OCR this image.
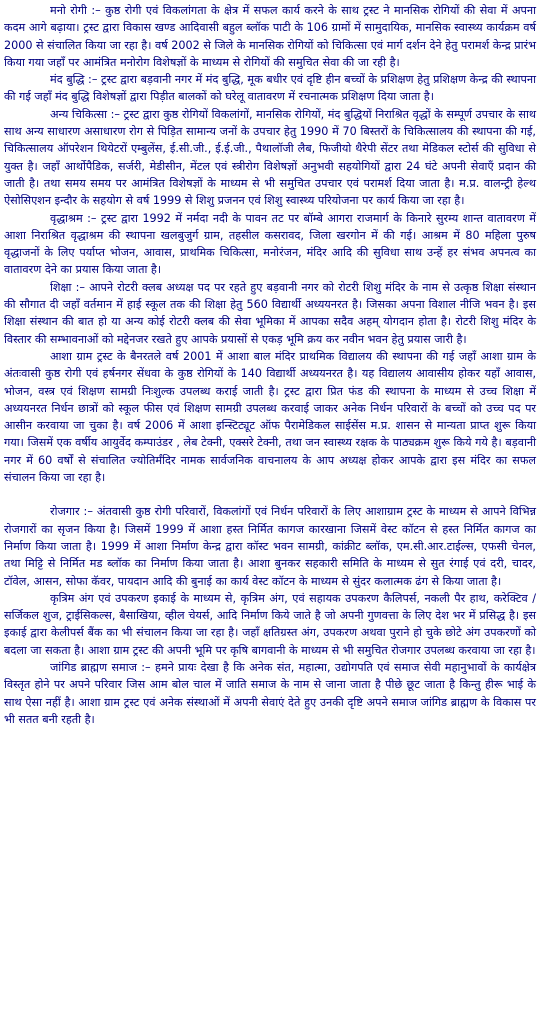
मनो रोगी :– कुष्ठ रोगी एवं विकलांगता के क्षेत्र में सफल कार्य करने के साथ ट्रस्ट ने मानसिक रोगियों की सेवा में अपना कदम आगे बढ़ाया। ट्रस्ट द्वारा विकास खण्ड आदिवासी बहुल ब्लॉक पाटी के 106 ग्रामों में सामुदायिक, मानसिक स्वास्थ्य कार्यक्रम वर्ष 2000 से संचालित किया जा रहा है। वर्ष 2002 से जिले के मानसिक रोगियों को चिकित्सा एवं मार्ग दर्शन देने हेतु परामर्श केन्द्र प्रारंभ किया गया जहाँ पर आमंत्रित मनोरोग विशेषज्ञों के माध्यम से रोगियों की समुचित सेवा की जा रही है।

मंद बुद्धि :– ट्रस्ट द्वारा बड़वानी नगर में मंद बुद्धि, मूक बधीर एवं दृष्टि हीन बच्चों के प्रशिक्षण हेतु प्रशिक्षण केन्द्र की स्थापना की गई जहाँ मंद बुद्धि विशेषज्ञों द्वारा पिड़ीत बालकों को घरेलू वातावरण में रचनात्मक प्रशिक्षण दिया जाता है।

अन्य चिकित्सा :– ट्रस्ट द्वारा कुष्ठ रोगियों विकलांगों, मानसिक रोगियों, मंद बुद्धियों निराश्रित वृद्धों के सम्पूर्ण उपचार के साथ साथ अन्य साधारण असाधारण रोग से पिड़ित सामान्य जनों के उपचार हेतु 1990 में 70 बिस्तरों के चिकित्सालय की स्थापना की गई, चिकित्सालय ऑपरेशन थियेटरों एम्बुलेंस, ई.सी.जी., ई.ई.जी., पैथालॉजी लैब, फिजीयो थैरेपी सेंटर तथा मेडिकल स्टोर्स की सुविधा से युक्त है। जहाँ आर्थोपैडिक, सर्जरी, मेडीसीन, मेंटल एवं स्त्रीरोग विशेषज्ञों अनुभवी सहयोगियों द्वारा 24 घंटे अपनी सेवाएँ प्रदान की जाती है। तथा समय समय पर आमंत्रित विशेषज्ञों के माध्यम से भी समुचित उपचार एवं परामर्श दिया जाता है। म.प्र. वालन्ट्री हेल्थ ऐसोसिएशन इन्दौर के सहयोग से वर्ष 1999 से शिशु प्रजनन एवं शिशु स्वास्थ्य परियोजना पर कार्य किया जा रहा है।

वृद्धाश्रम :– ट्रस्ट द्वारा 1992 में नर्मदा नदी के पावन तट पर बॉम्बे आगरा राजमार्ग के किनारे सुरम्य शान्त वातावरण में आशा निराश्रित वृद्धाश्रम की स्थापना खलबुजुर्ग ग्राम, तहसील कसरावद, जिला खरगोन में की गई। आश्रम में 80 महिला पुरुष वृद्धाजनों के लिए पर्याप्त भोजन, आवास, प्राथमिक चिकित्सा, मनोरंजन, मंदिर आदि की सुविधा साथ उन्हें हर संभव अपनत्व का वातावरण देने का प्रयास किया जाता है।

शिक्षा :– आपने रोटरी क्लब अध्यक्ष पद पर रहते हुए बड़वानी नगर को रोटरी शिशु मंदिर के नाम से उत्कृष्ठ शिक्षा संस्थान की सौगात दी जहाँ वर्तमान में हाई स्कूल तक की शिक्षा हेतु 560 विद्यार्थी अध्ययनरत है। जिसका अपना विशाल नीजि भवन है। इस शिक्षा संस्थान की बात हो या अन्य कोई रोटरी क्लब की सेवा भूमिका में आपका सदैव अहम् योगदान होता है। रोटरी शिशु मंदिर के विस्तार की सम्भावनाओं को मद्देनजर रखते हुए आपके प्रयासों से एकड़ भूमि क्रय कर नवीन भवन हेतु प्रयास जारी है।

आशा ग्राम ट्रस्ट के बैनरतले वर्ष 2001 में आशा बाल मंदिर प्राथमिक विद्यालय की स्थापना की गई जहाँ आशा ग्राम के अंतःवासी कुष्ठ रोगी एवं हर्षनगर सेंधवा के कुष्ठ रोगियों के 140 विद्यार्थी अध्ययनरत है। यह विद्यालय आवासीय होकर यहाँ आवास, भोजन, वस्त्र एवं शिक्षण सामग्री निःशुल्क उपलब्ध कराई जाती है। ट्रस्ट द्वारा प्रित फंड की स्थापना के माध्यम से उच्च शिक्षा में अध्ययनरत निर्धन छात्रों को स्कूल फीस एवं शिक्षण सामग्री उपलब्ध करवाई जाकर अनेक निर्धन परिवारों के बच्चों को उच्च पद पर आसीन करवाया जा चुका है। वर्ष 2006 में आशा इन्स्टिट्यूट ऑफ पैरामेडिकल साईसेंस म.प्र. शासन से मान्यता प्राप्त शुरू किया गया। जिसमें एक वर्षीय आयुर्वेद कम्पाउंडर , लेब टेक्नी, एक्सरे टेक्नी, तथा जन स्वास्थ्य रक्षक के पाठ्यक्रम शुरू किये गये है। बड़वानी नगर में 60 वर्षों से संचालित ज्योतिर्मंदिर नामक सार्वजनिक वाचनालय के आप अध्यक्ष होकर आपके द्वारा इस मंदिर का सफल संचालन किया जा रहा है।

रोजगार :– अंतवासी कुष्ठ रोगी परिवारों, विकलांगों एवं निर्धन परिवारों के लिए आशाग्राम ट्रस्ट के माध्यम से आपने विभिन्न रोजगारों का सृजन किया है। जिसमें 1999 में आशा हस्त निर्मित कागज कारखाना जिसमें वेस्ट कॉटन से हस्त निर्मित कागज का निर्माण किया जाता है। 1999 में आशा निर्माण केन्द्र द्वारा कॉस्ट भवन सामग्री, कांक्रीट ब्लॉक, एम.सी.आर.टाईल्स, एफसी चेनल, तथा मिट्टि से निर्मित मड ब्लॉक का निर्माण किया जाता है। आशा बुनकर सहकारी समिति के माध्यम से सुत रंगाई एवं दरी, चादर, टॉवेल, आसन, सोफा कॅवर, पायदान आदि की बुनाई का कार्य वेस्ट कॉटन के माध्यम से सुंदर कलात्मक ढंग से किया जाता है।

कृत्रिम अंग एवं उपकरण इकाई के माध्यम से, कृत्रिम अंग, एवं सहायक उपकरण कैलिपर्स, नकली पैर हाथ, करेक्टिव /सर्जिकल शुज, ट्राईसिकल्स, बैसाखिया, व्हील चेयर्स, आदि निर्माण किये जाते है जो अपनी गुणवत्ता के लिए देश भर में प्रसिद्ध है। इस इकाई द्वारा केलीपर्स बैंक का भी संचालन किया जा रहा है। जहाँ क्षतिग्रस्त अंग, उपकरण अथवा पुराने हो चुके छोटे अंग उपकरणों को बदला जा सकता है। आशा ग्राम ट्रस्ट की अपनी भूमि पर कृषि बागवानी के माध्यम से भी समुचित रोजगार उपलब्ध करवाया जा रहा है।

जांगिड ब्राह्मण समाज :– हमने प्रायः देखा है कि अनेक संत, महात्मा, उद्योगपति एवं समाज सेवी महानुभावों के कार्यक्षेत्र विस्तृत होने पर अपने परिवार जिस आम बोल चाल में जाति समाज के नाम से जाना जाता है पीछे छूट जाता है किन्तु हीरू भाई के साथ ऐसा नहीं है। आशा ग्राम ट्रस्ट एवं अनेक संस्थाओं में अपनी सेवाएं देते हुए उनकी दृष्टि अपने समाज जांगिड ब्राह्मण के विकास पर भी सतत बनी रहती है।
